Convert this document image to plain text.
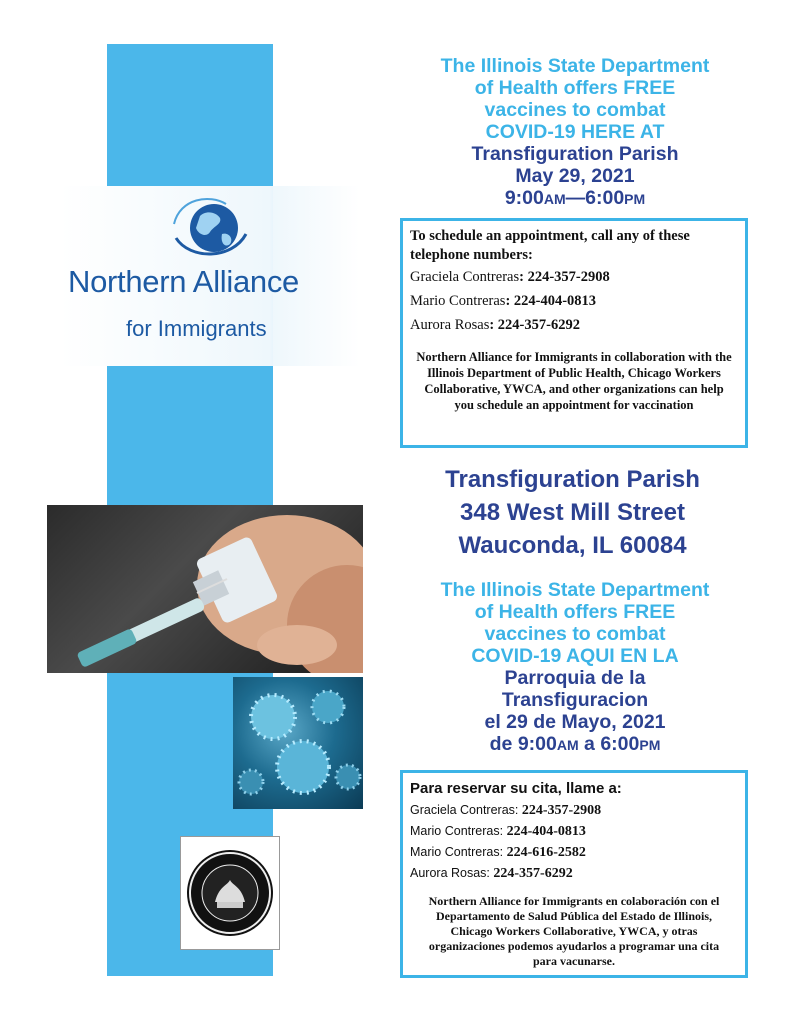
Northern Alliance
for Immigrants
The Illinois State Department
of Health offers FREE
vaccines to combat
COVID-19 HERE AT
Transfiguration Parish
May 29, 2021
9:00AM—6:00PM
To schedule an appointment, call any of these telephone numbers:
Graciela Contreras: 224-357-2908
Mario Contreras: 224-404-0813
Aurora Rosas: 224-357-6292
Northern Alliance for Immigrants in collaboration with the Illinois Department of Public Health, Chicago Workers Collaborative, YWCA, and other organizations can help you schedule an appointment for vaccination
Transfiguration Parish
348 West Mill Street
Wauconda, IL 60084
The Illinois State Department
of Health offers FREE
vaccines to combat
COVID-19 AQUI EN LA
Parroquia de la
Transfiguracion
el 29 de Mayo, 2021
de 9:00AM a 6:00PM
Para reservar su cita, llame a:
Graciela Contreras: 224-357-2908
Mario Contreras: 224-404-0813
Mario Contreras: 224-616-2582
Aurora Rosas: 224-357-6292
Northern Alliance for Immigrants en colaboración con el Departamento de Salud Pública del Estado de Illinois, Chicago Workers Collaborative, YWCA, y otras organizaciones podemos ayudarlos a programar una cita para vacunarse.
